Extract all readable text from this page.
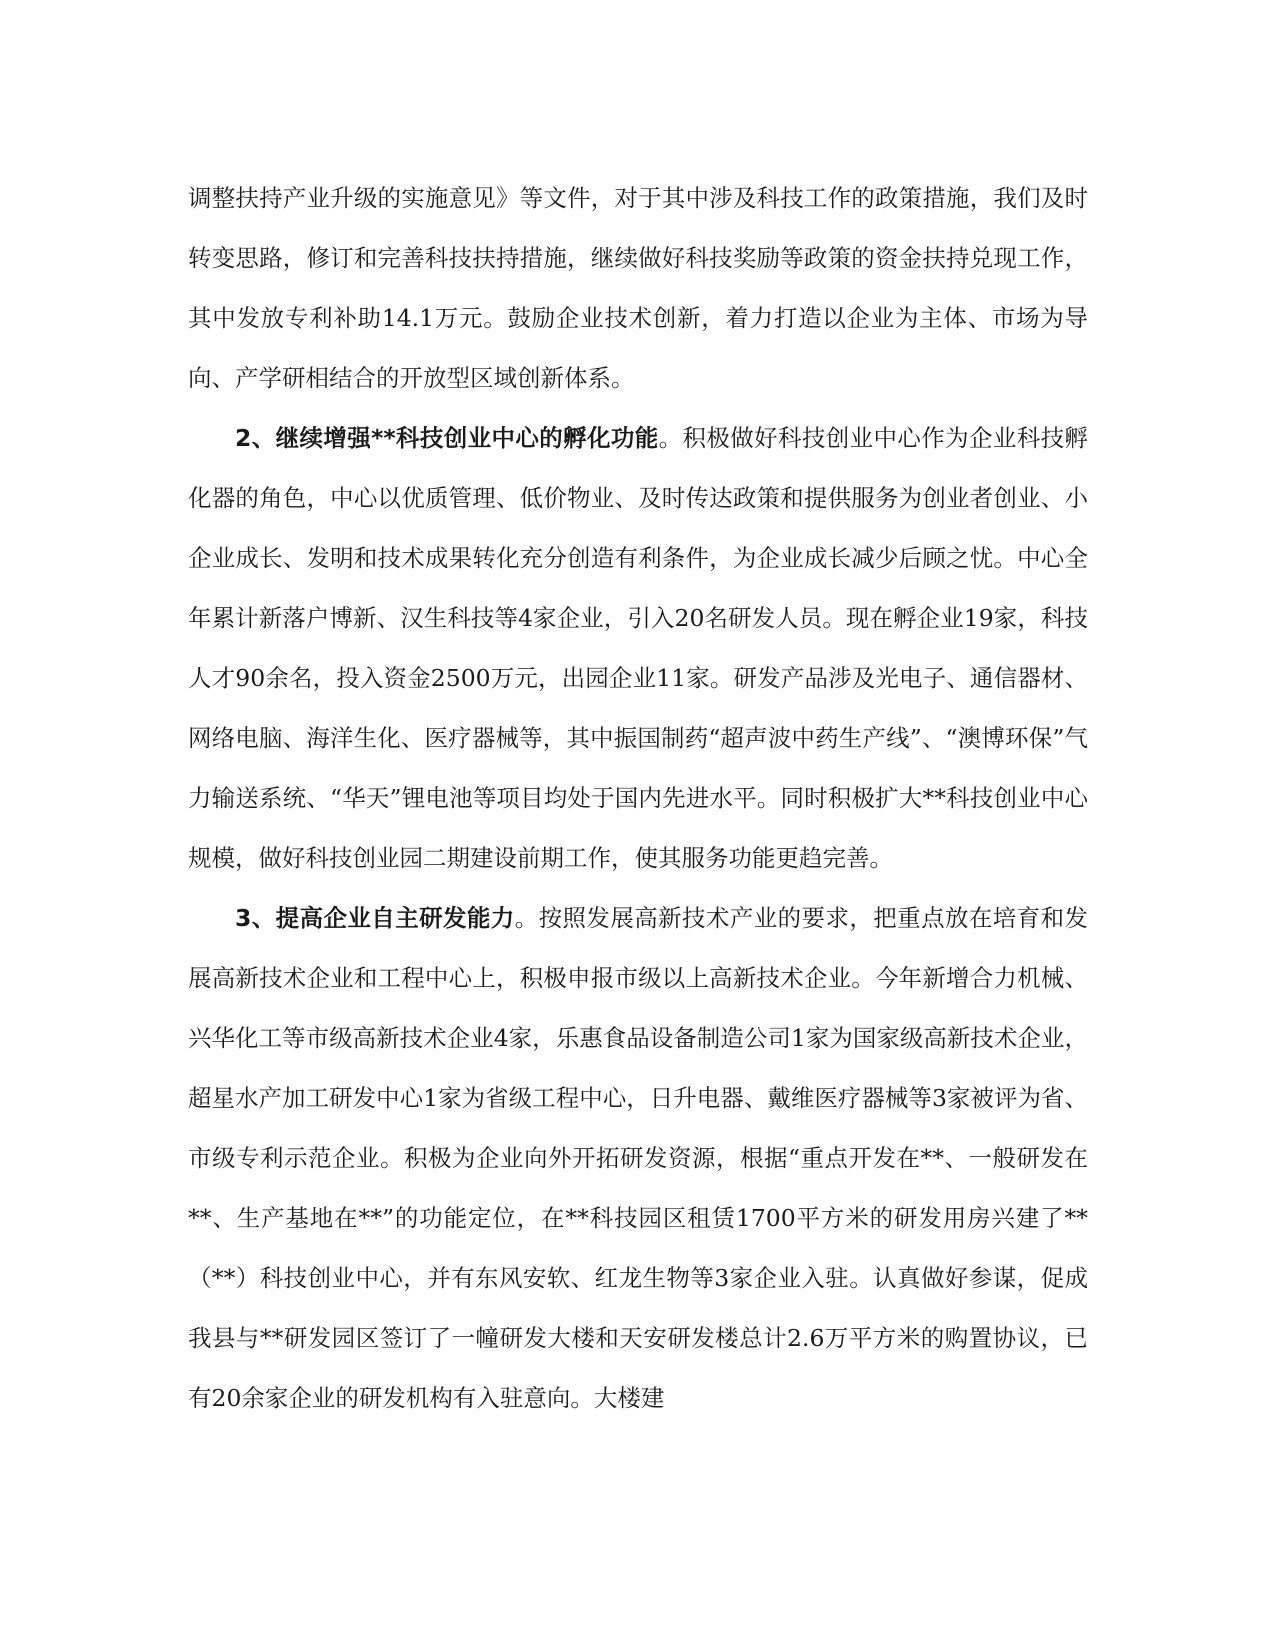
调整扶持产业升级的实施意见》等文件，对于其中涉及科技工作的政策措施，我们及时转变思路，修订和完善科技扶持措施，继续做好科技奖励等政策的资金扶持兑现工作，其中发放专利补助14.1万元。鼓励企业技术创新，着力打造以企业为主体、市场为导向、产学研相结合的开放型区域创新体系。

2、继续增强**科技创业中心的孵化功能。积极做好科技创业中心作为企业科技孵化器的角色，中心以优质管理、低价物业、及时传达政策和提供服务为创业者创业、小企业成长、发明和技术成果转化充分创造有利条件，为企业成长减少后顾之忧。中心全年累计新落户博新、汉生科技等4家企业，引入20名研发人员。现在孵企业19家，科技人才90余名，投入资金2500万元，出园企业11家。研发产品涉及光电子、通信器材、网络电脑、海洋生化、医疗器械等，其中振国制药“超声波中药生产线”、“澳博环保”气力输送系统、“华天”锂电池等项目均处于国内先进水平。同时积极扩大**科技创业中心规模，做好科技创业园二期建设前期工作，使其服务功能更趋完善。

3、提高企业自主研发能力。按照发展高新技术产业的要求，把重点放在培育和发展高新技术企业和工程中心上，积极申报市级以上高新技术企业。今年新增合力机械、兴华化工等市级高新技术企业4家，乐惠食品设备制造公司1家为国家级高新技术企业，超星水产加工研发中心1家为省级工程中心，日升电器、戴维医疗器械等3家被评为省、市级专利示范企业。积极为企业向外开拓研发资源，根据“重点开发在**、一般研发在**、生产基地在**”的功能定位，在**科技园区租赁1700平方米的研发用房兴建了**（**）科技创业中心，并有东风安软、红龙生物等3家企业入驻。认真做好参谋，促成我县与**研发园区签订了一幢研发大楼和天安研发楼总计2.6万平方米的购置协议，已有20余家企业的研发机构有入驻意向。大楼建
